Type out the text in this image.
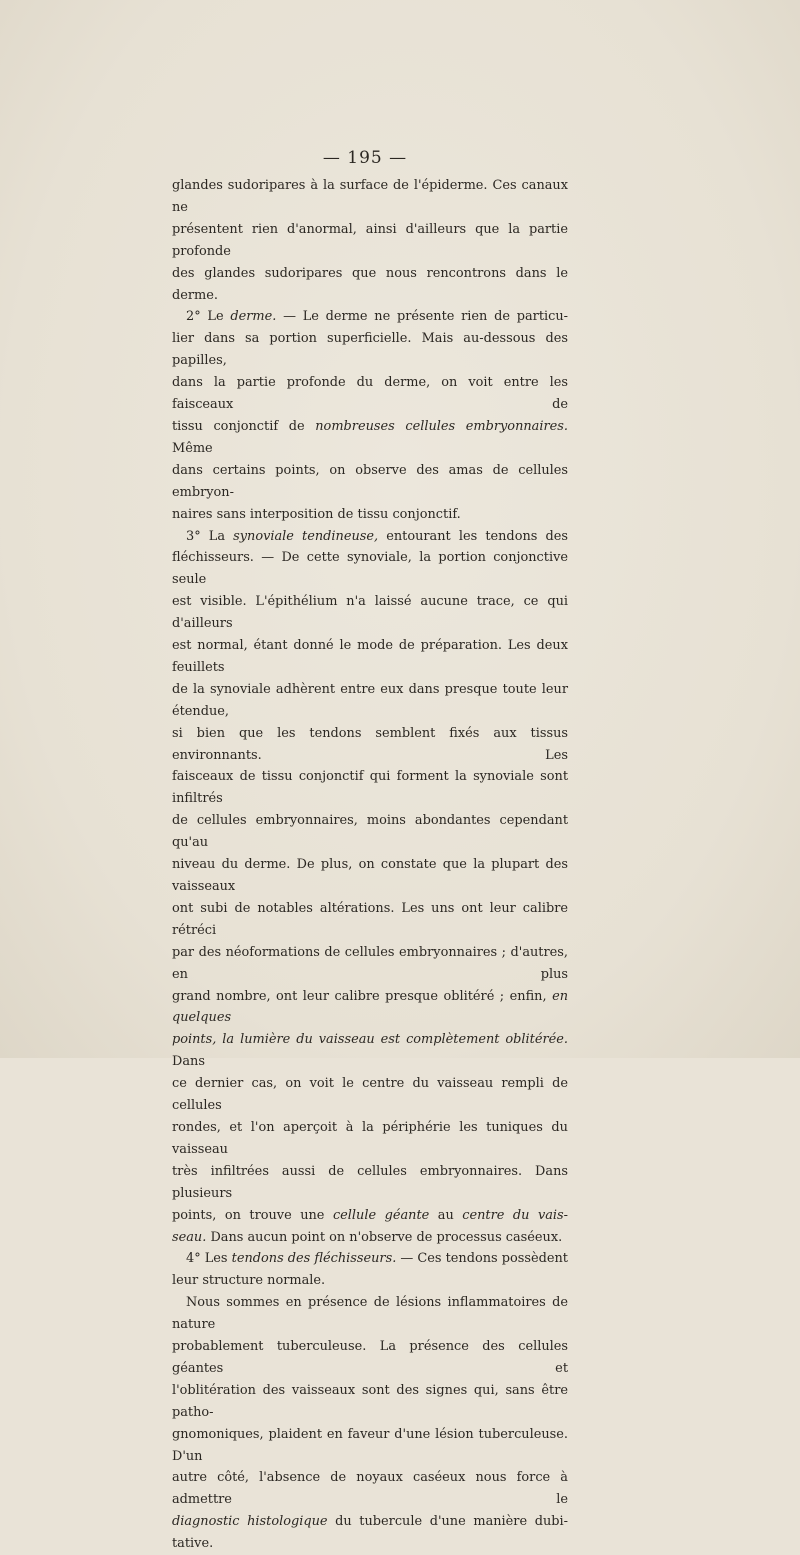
— 195 —

glandes sudoripares à la surface de l'épiderme. Ces canaux ne

présentent rien d'anormal, ainsi d'ailleurs que la partie profonde

des glandes sudoripares que nous rencontrons dans le derme.

2° Le derme. — Le derme ne présente rien de particu-

lier dans sa portion superficielle. Mais au-dessous des papilles,

dans la partie profonde du derme, on voit entre les faisceaux de

tissu conjonctif de nombreuses cellules embryonnaires. Même

dans certains points, on observe des amas de cellules embryon-

naires sans interposition de tissu conjonctif.

3° La synoviale tendineuse, entourant les tendons des

fléchisseurs. — De cette synoviale, la portion conjonctive seule

est visible. L'épithélium n'a laissé aucune trace, ce qui d'ailleurs

est normal, étant donné le mode de préparation. Les deux feuillets

de la synoviale adhèrent entre eux dans presque toute leur étendue,

si bien que les tendons semblent fixés aux tissus environnants. Les

faisceaux de tissu conjonctif qui forment la synoviale sont infiltrés

de cellules embryonnaires, moins abondantes cependant qu'au

niveau du derme. De plus, on constate que la plupart des vaisseaux

ont subi de notables altérations. Les uns ont leur calibre rétréci

par des néoformations de cellules embryonnaires ; d'autres, en plus

grand nombre, ont leur calibre presque oblitéré ; enfin, en quelques

points, la lumière du vaisseau est complètement oblitérée. Dans

ce dernier cas, on voit le centre du vaisseau rempli de cellules

rondes, et l'on aperçoit à la périphérie les tuniques du vaisseau

très infiltrées aussi de cellules embryonnaires. Dans plusieurs

points, on trouve une cellule géante au centre du vais-

seau. Dans aucun point on n'observe de processus caséeux.

4° Les tendons des fléchisseurs. — Ces tendons possèdent

leur structure normale.

Nous sommes en présence de lésions inflammatoires de nature

probablement tuberculeuse. La présence des cellules géantes et

l'oblitération des vaisseaux sont des signes qui, sans être patho-

gnomoniques, plaident en faveur d'une lésion tuberculeuse. D'un

autre côté, l'absence de noyaux caséeux nous force à admettre le

diagnostic histologique du tubercule d'une manière dubi-

tative.
